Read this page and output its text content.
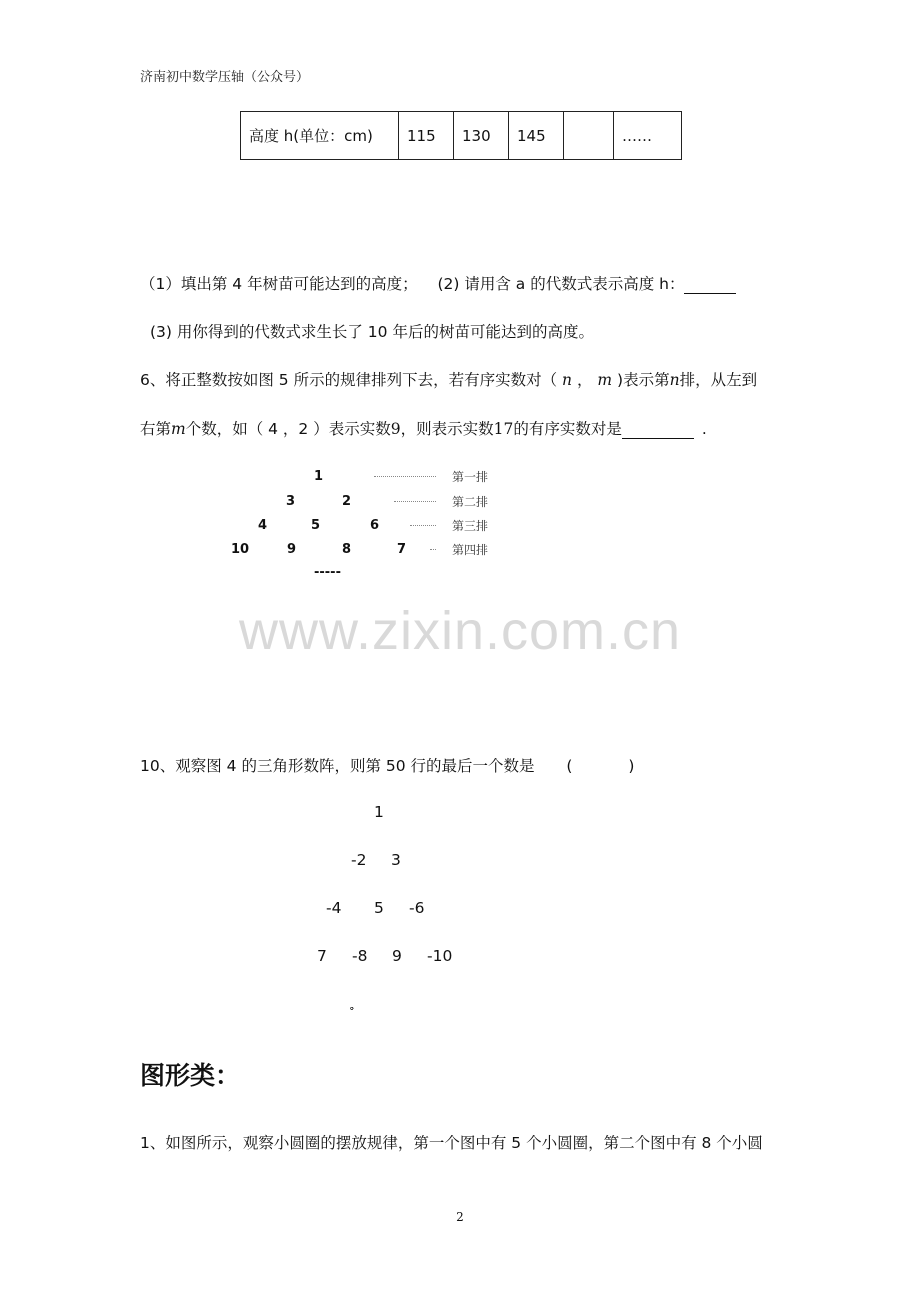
济南初中数学压轴（公众号）
高度 h(单位：cm)	115	130	145		……
（1）填出第 4 年树苗可能达到的高度； (2) 请用含 a 的代数式表示高度 h：
(3) 用你得到的代数式求生长了 10 年后的树苗可能达到的高度。
6、将正整数按如图 5 所示的规律排列下去，若有序实数对（ n ， m )表示第n排，从左到
右第m个数，如（ 4 ，2 ）表示实数9，则表示实数17的有序实数对是	.
1
3	2
4	5	6
10	9	8	7
-----
第一排
第二排
第三排
第四排
www.zixin.com.cn
10、观察图 4 的三角形数阵，则第 50 行的最后一个数是 (	)
1
-2 3
-4 5 -6
7 -8 9 -10
。。。。。。
图形类：
1、如图所示，观察小圆圈的摆放规律，第一个图中有 5 个小圆圈，第二个图中有 8 个小圆
2
